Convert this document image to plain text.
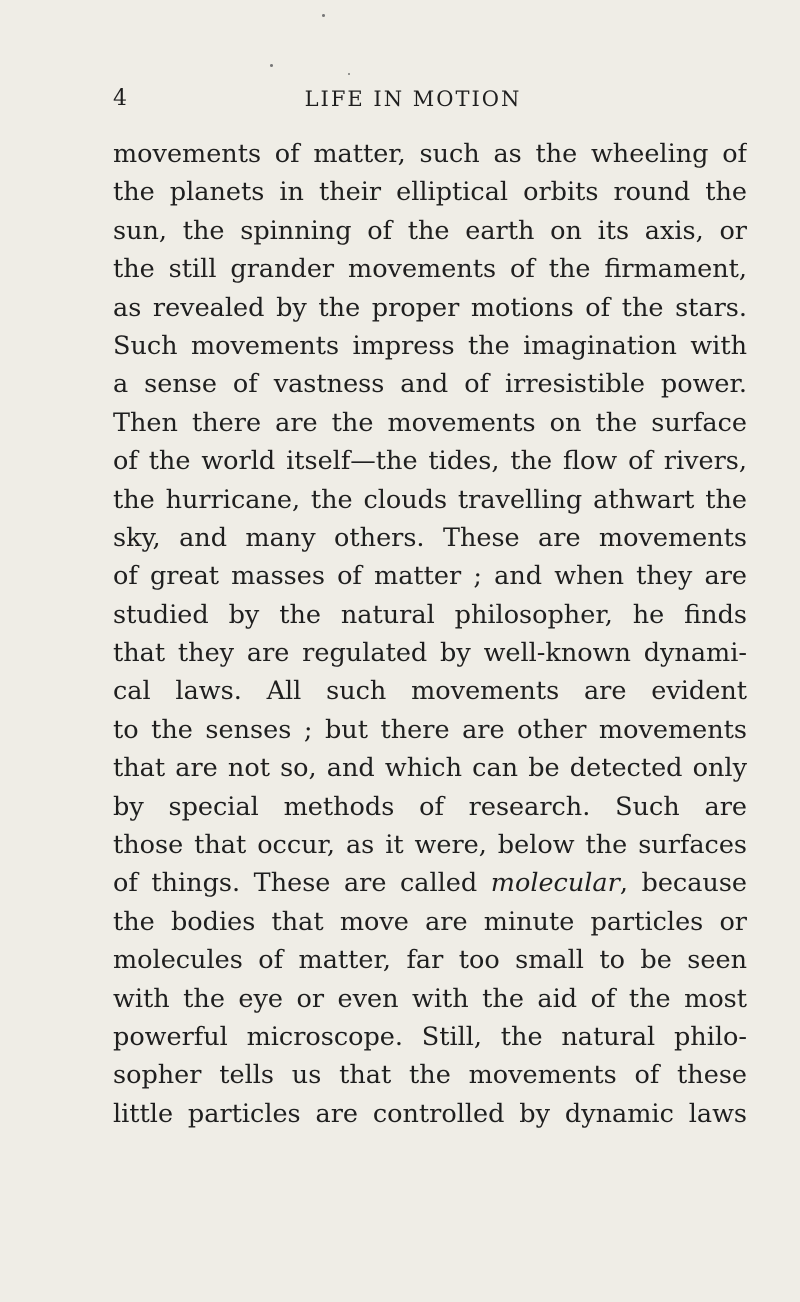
4	LIFE IN MOTION
movements of matter, such as the wheeling of
the planets in their elliptical orbits round the
sun, the spinning of the earth on its axis, or
the still grander movements of the firmament,
as revealed by the proper motions of the stars.
Such movements impress the imagination with
a sense of vastness and of irresistible power.
Then there are the movements on the surface
of the world itself—the tides, the flow of rivers,
the hurricane, the clouds travelling athwart the
sky, and many others. These are movements
of great masses of matter ; and when they are
studied by the natural philosopher, he finds
that they are regulated by well-known dynami-
cal laws. All such movements are evident
to the senses ; but there are other movements
that are not so, and which can be detected only
by special methods of research. Such are
those that occur, as it were, below the surfaces
of things. These are called molecular, because
the bodies that move are minute particles or
molecules of matter, far too small to be seen
with the eye or even with the aid of the most
powerful microscope. Still, the natural philo-
sopher tells us that the movements of these
little particles are controlled by dynamic laws
